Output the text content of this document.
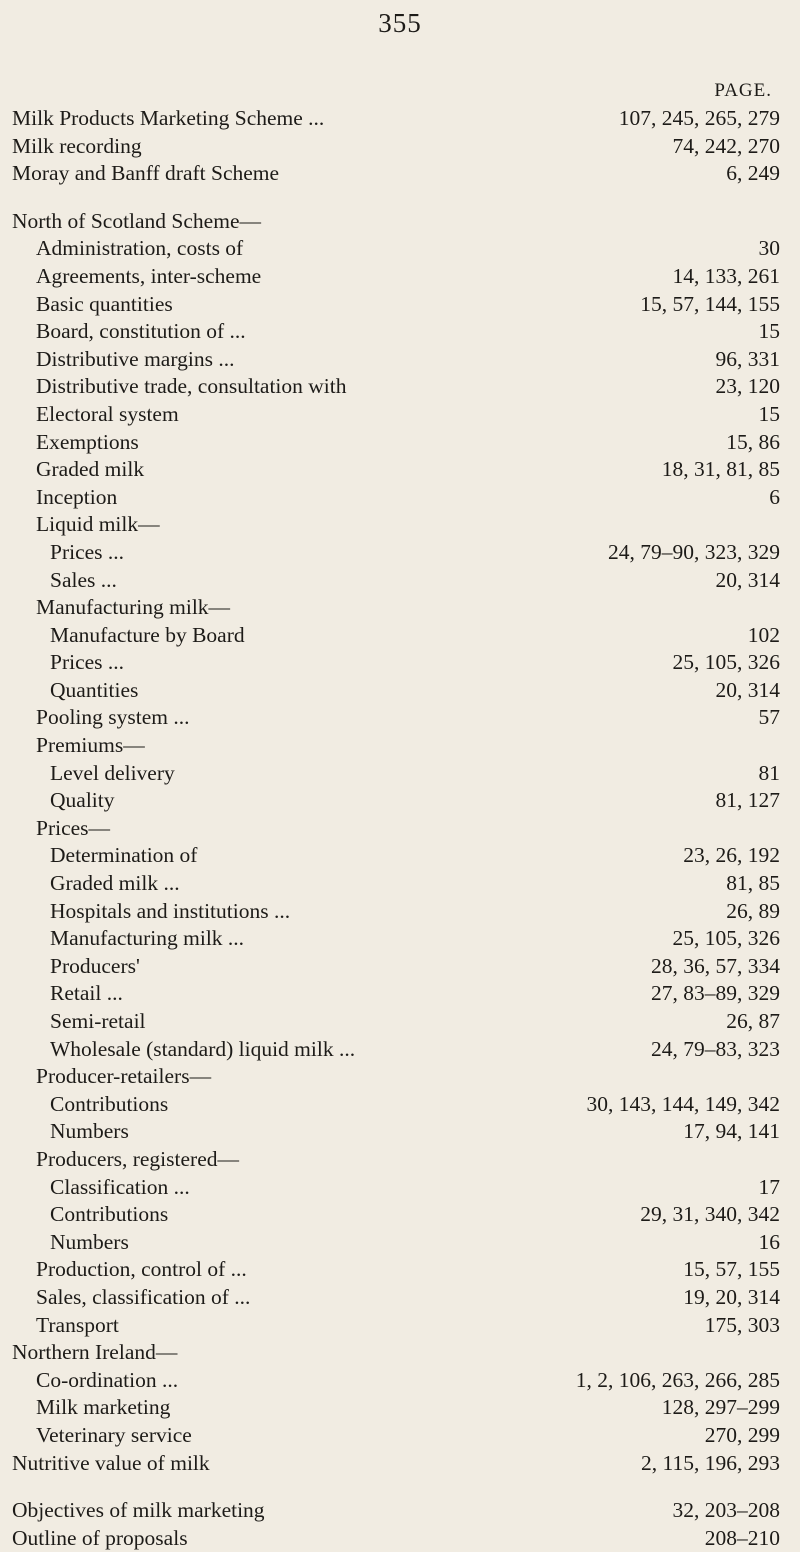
355
PAGE.
Milk Products Marketing Scheme ...	107, 245, 265, 279
Milk recording	74, 242, 270
Moray and Banff draft Scheme	6, 249
North of Scotland Scheme—
Administration, costs of	30
Agreements, inter-scheme	14, 133, 261
Basic quantities	15, 57, 144, 155
Board, constitution of ...	15
Distributive margins ...	96, 331
Distributive trade, consultation with	23, 120
Electoral system	15
Exemptions	15, 86
Graded milk	18, 31, 81, 85
Inception	6
Liquid milk—
Prices ...	24, 79–90, 323, 329
Sales ...	20, 314
Manufacturing milk—
Manufacture by Board	102
Prices ...	25, 105, 326
Quantities	20, 314
Pooling system ...	57
Premiums—
Level delivery	81
Quality	81, 127
Prices—
Determination of	23, 26, 192
Graded milk ...	81, 85
Hospitals and institutions ...	26, 89
Manufacturing milk ...	25, 105, 326
Producers'	28, 36, 57, 334
Retail ...	27, 83–89, 329
Semi-retail	26, 87
Wholesale (standard) liquid milk ...	24, 79–83, 323
Producer-retailers—
Contributions	30, 143, 144, 149, 342
Numbers	17, 94, 141
Producers, registered—
Classification ...	17
Contributions	29, 31, 340, 342
Numbers	16
Production, control of ...	15, 57, 155
Sales, classification of ...	19, 20, 314
Transport	175, 303
Northern Ireland—
Co-ordination ...	1, 2, 106, 263, 266, 285
Milk marketing	128, 297–299
Veterinary service	270, 299
Nutritive value of milk	2, 115, 196, 293
Objectives of milk marketing	32, 203–208
Outline of proposals	208–210
